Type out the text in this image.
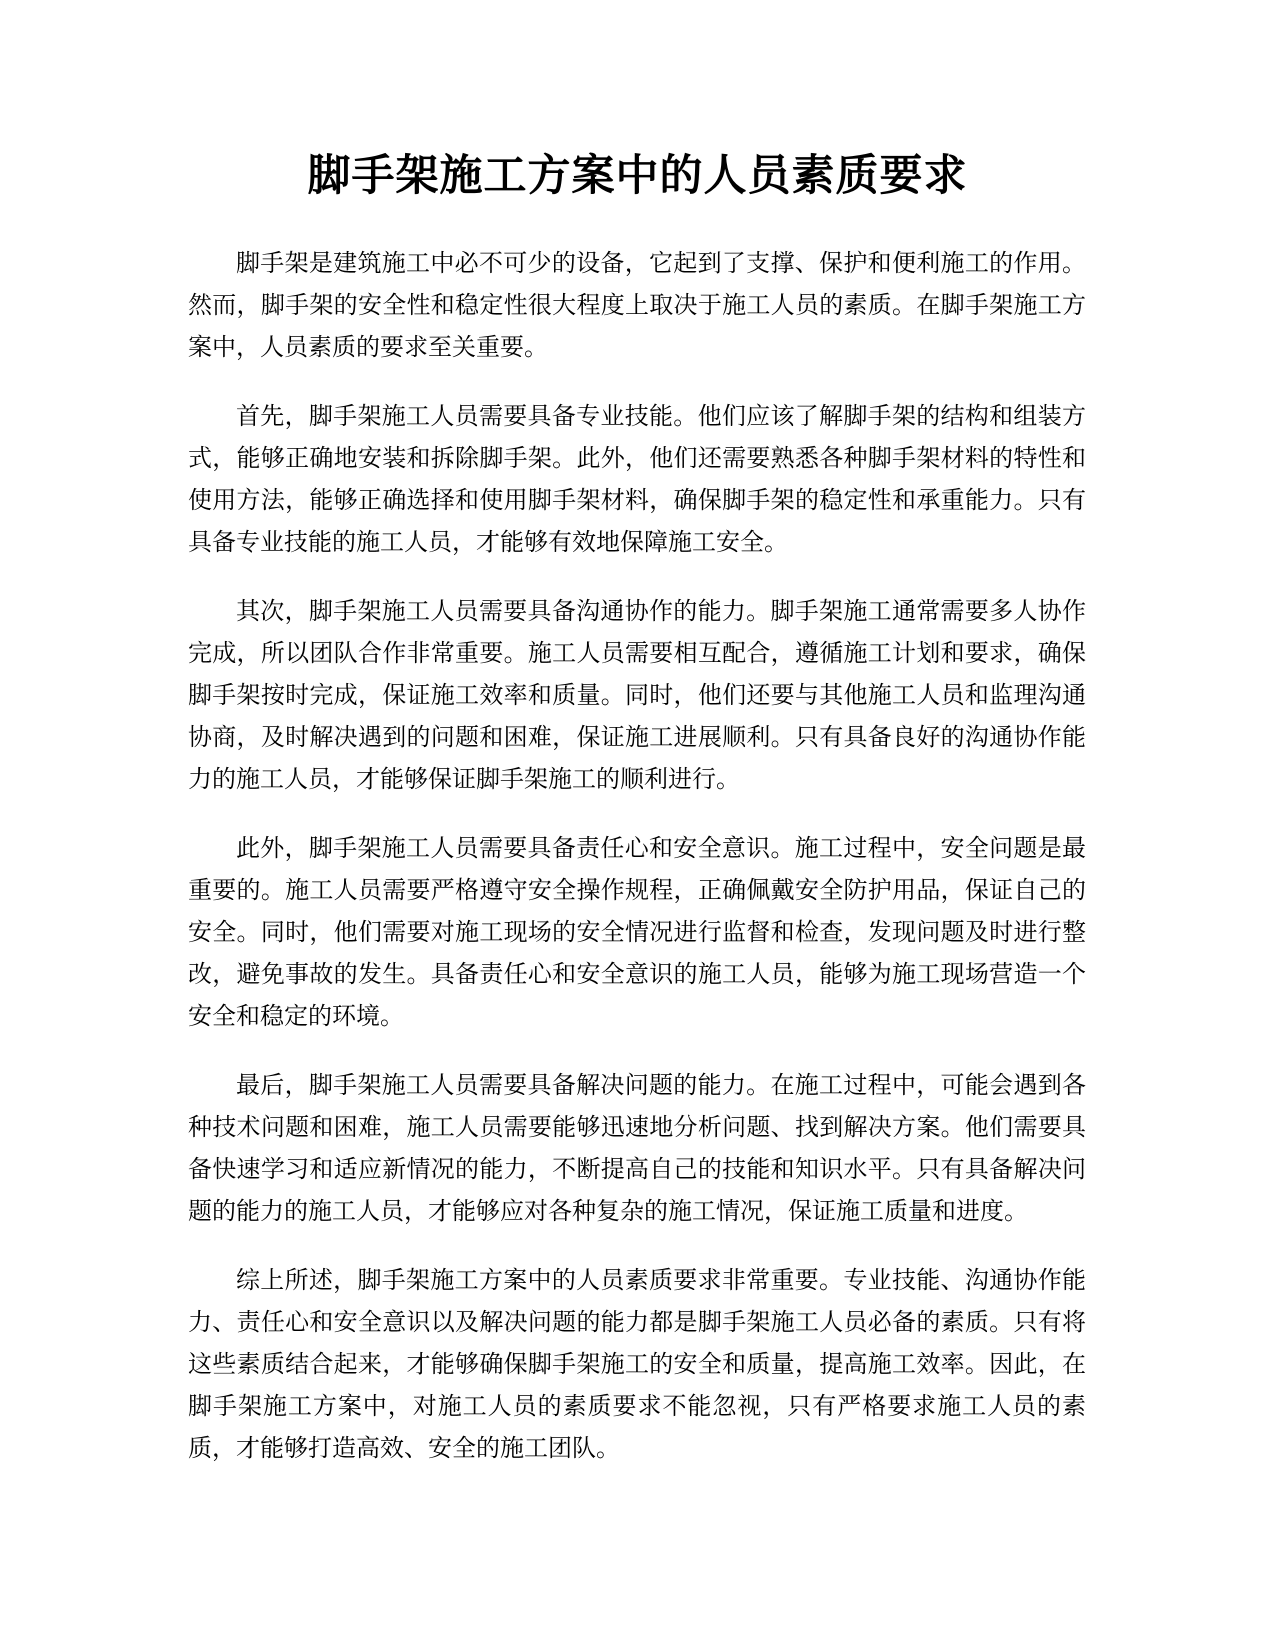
脚手架施工方案中的人员素质要求

脚手架是建筑施工中必不可少的设备，它起到了支撑、保护和便利施工的作用。然而，脚手架的安全性和稳定性很大程度上取决于施工人员的素质。在脚手架施工方案中，人员素质的要求至关重要。

首先，脚手架施工人员需要具备专业技能。他们应该了解脚手架的结构和组装方式，能够正确地安装和拆除脚手架。此外，他们还需要熟悉各种脚手架材料的特性和使用方法，能够正确选择和使用脚手架材料，确保脚手架的稳定性和承重能力。只有具备专业技能的施工人员，才能够有效地保障施工安全。

其次，脚手架施工人员需要具备沟通协作的能力。脚手架施工通常需要多人协作完成，所以团队合作非常重要。施工人员需要相互配合，遵循施工计划和要求，确保脚手架按时完成，保证施工效率和质量。同时，他们还要与其他施工人员和监理沟通协商，及时解决遇到的问题和困难，保证施工进展顺利。只有具备良好的沟通协作能力的施工人员，才能够保证脚手架施工的顺利进行。

此外，脚手架施工人员需要具备责任心和安全意识。施工过程中，安全问题是最重要的。施工人员需要严格遵守安全操作规程，正确佩戴安全防护用品，保证自己的安全。同时，他们需要对施工现场的安全情况进行监督和检查，发现问题及时进行整改，避免事故的发生。具备责任心和安全意识的施工人员，能够为施工现场营造一个安全和稳定的环境。

最后，脚手架施工人员需要具备解决问题的能力。在施工过程中，可能会遇到各种技术问题和困难，施工人员需要能够迅速地分析问题、找到解决方案。他们需要具备快速学习和适应新情况的能力，不断提高自己的技能和知识水平。只有具备解决问题的能力的施工人员，才能够应对各种复杂的施工情况，保证施工质量和进度。

综上所述，脚手架施工方案中的人员素质要求非常重要。专业技能、沟通协作能力、责任心和安全意识以及解决问题的能力都是脚手架施工人员必备的素质。只有将这些素质结合起来，才能够确保脚手架施工的安全和质量，提高施工效率。因此，在脚手架施工方案中，对施工人员的素质要求不能忽视，只有严格要求施工人员的素质，才能够打造高效、安全的施工团队。
